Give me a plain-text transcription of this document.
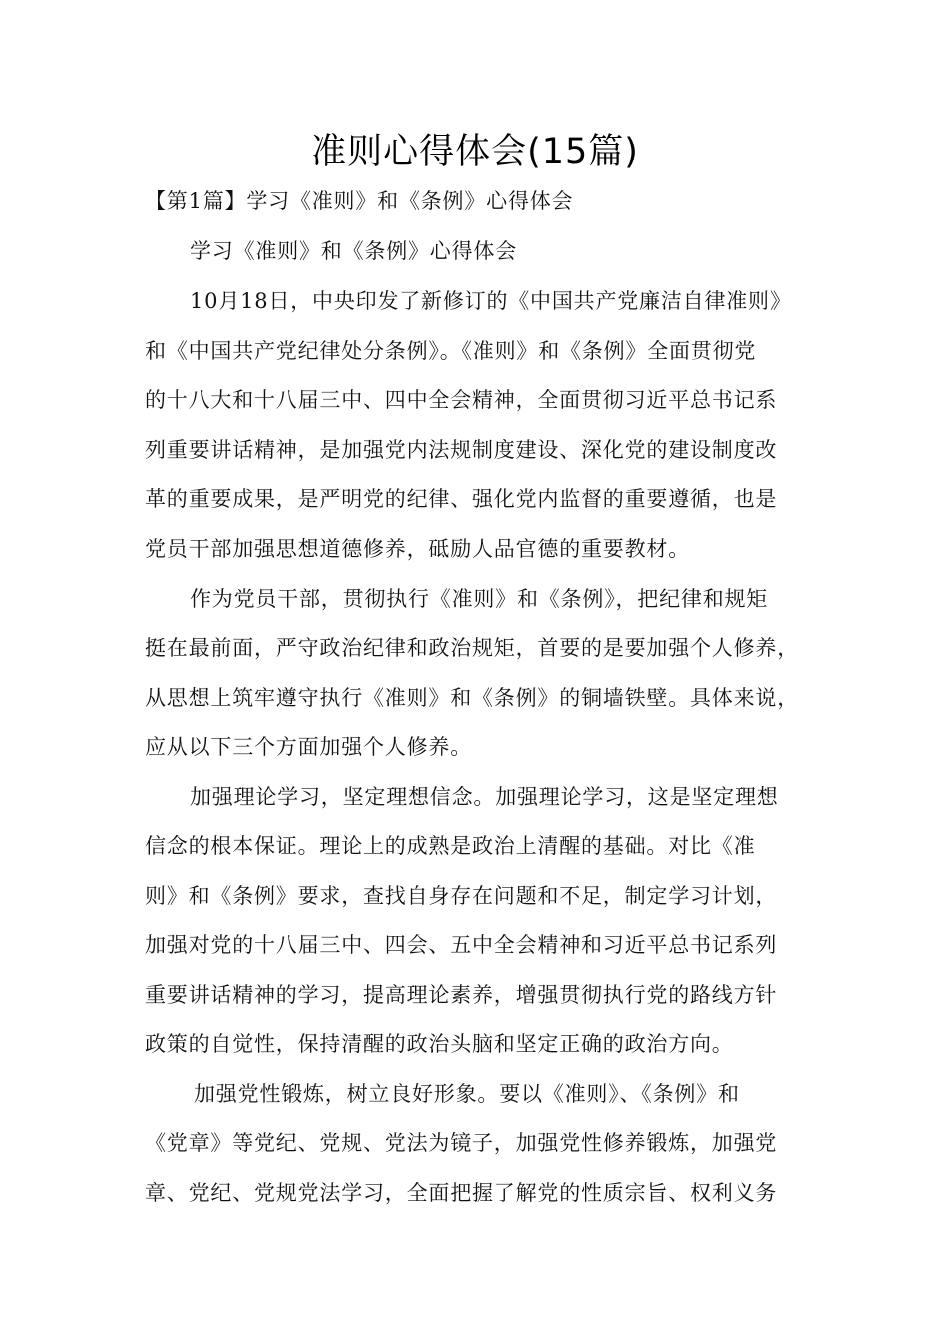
准则心得体会(15篇)
【第1篇】学习《准则》和《条例》心得体会
学习《准则》和《条例》心得体会
10月18日，中央印发了新修订的《中国共产党廉洁自律准则》
和《中国共产党纪律处分条例》。《准则》和《条例》全面贯彻党
的十八大和十八届三中、四中全会精神，全面贯彻习近平总书记系
列重要讲话精神，是加强党内法规制度建设、深化党的建设制度改
革的重要成果，是严明党的纪律、强化党内监督的重要遵循，也是
党员干部加强思想道德修养，砥励人品官德的重要教材。
作为党员干部，贯彻执行《准则》和《条例》，把纪律和规矩
挺在最前面，严守政治纪律和政治规矩，首要的是要加强个人修养，
从思想上筑牢遵守执行《准则》和《条例》的铜墙铁壁。具体来说，
应从以下三个方面加强个人修养。
加强理论学习，坚定理想信念。加强理论学习，这是坚定理想
信念的根本保证。理论上的成熟是政治上清醒的基础。对比《准
则》和《条例》要求，查找自身存在问题和不足，制定学习计划，
加强对党的十八届三中、四会、五中全会精神和习近平总书记系列
重要讲话精神的学习，提高理论素养，增强贯彻执行党的路线方针
政策的自觉性，保持清醒的政治头脑和坚定正确的政治方向。
加强党性锻炼，树立良好形象。要以《准则》、《条例》和
《党章》等党纪、党规、党法为镜子，加强党性修养锻炼，加强党
章、党纪、党规党法学习，全面把握了解党的性质宗旨、权利义务
